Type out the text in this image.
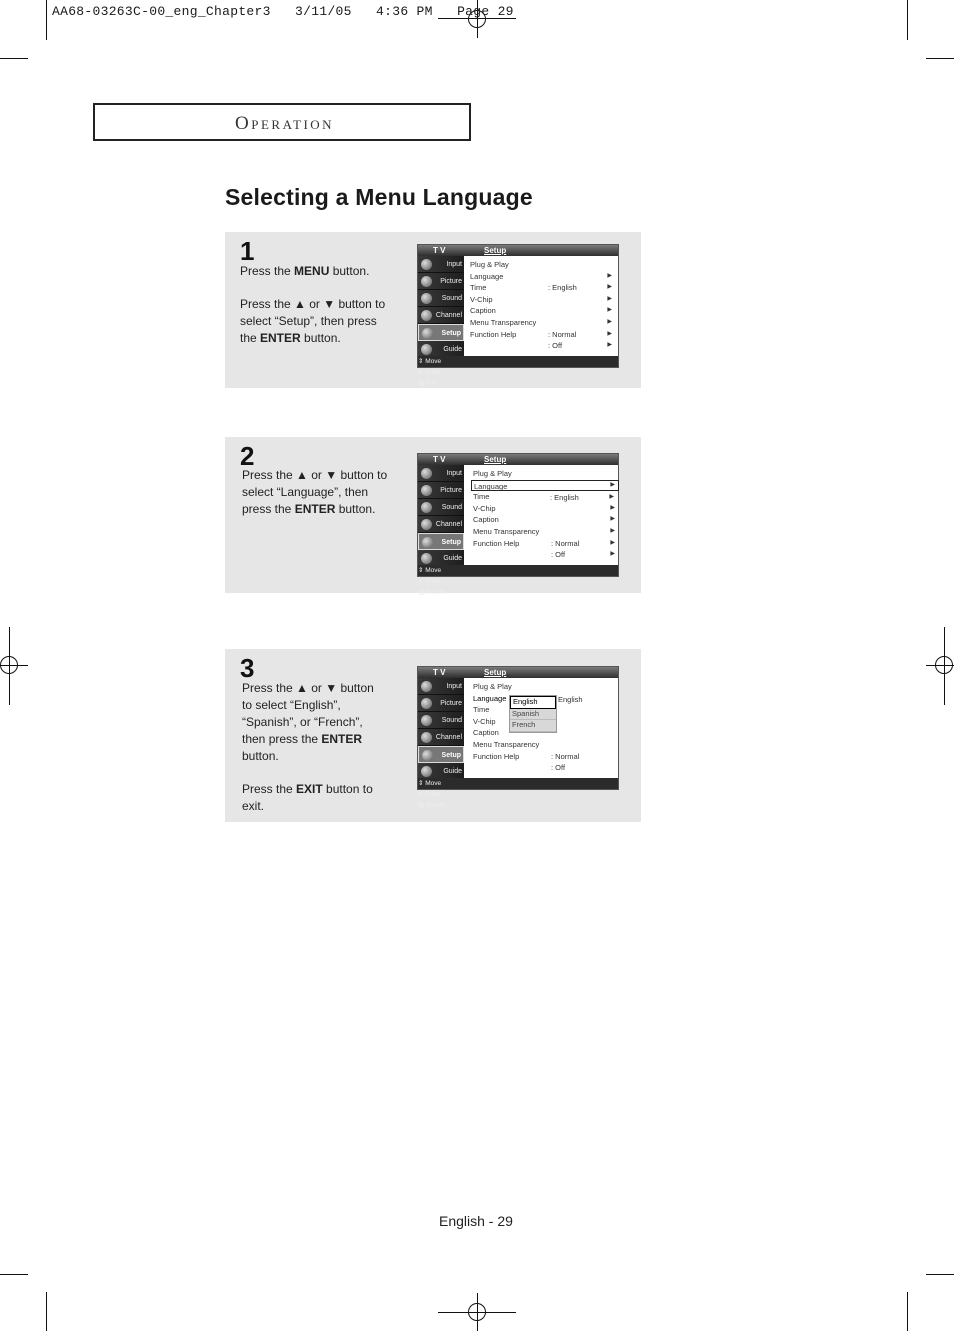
AA68-03263C-00_eng_Chapter3   3/11/05   4:36 PM   Page 29
OPERATION
Selecting a Menu Language
1

Press the MENU button.

Press the ▲ or ▼ button to select “Setup”, then press the ENTER button.

T V	Setup
Input
Picture
Sound
Channel
Setup
Guide
Plug & Play
▶
Language
: English	▶
Time
▶
V-Chip
▶
Caption
▶
Menu Transparency
: Normal	▶
Function Help
: Off	▶
⇕ Move
↵ Enter
▥ Exit
2

Press the ▲ or ▼ button to select “Language”, then press the ENTER button.

T V	Setup
Input
Picture
Sound
Channel
Setup
Guide
Plug & Play
▶
Language
: English	▶
Time
▶
V-Chip
▶
Caption
▶
Menu Transparency
: Normal	▶
Function Help
: Off	▶
⇕ Move
↵ Enter
▥ Return
3

Press the ▲ or ▼ button to select “English”, “Spanish”, or “French”, then press the ENTER button.

Press the EXIT button to exit.

T V	Setup
Input
Picture
Sound
Channel
Setup
Guide
Plug & Play
Language
Time
V-Chip
Caption
Menu Transparency
: Normal
Function Help
: Off
English
Spanish
French
English
⇕ Move
↵ Enter
▥ Return
English - 29
